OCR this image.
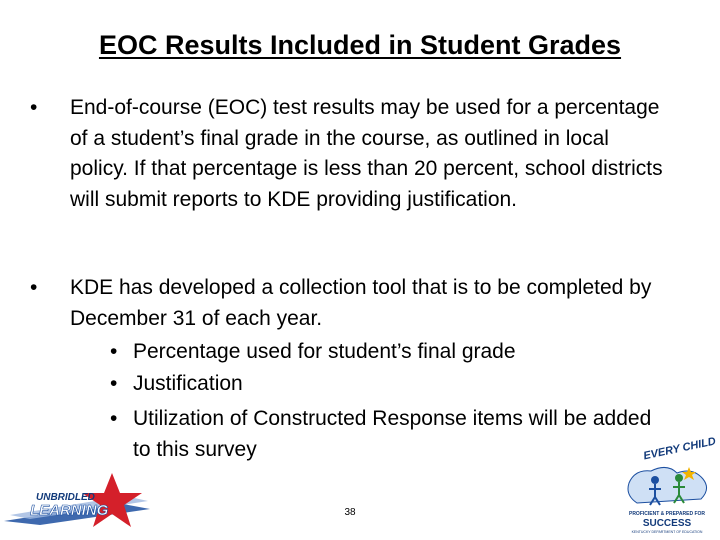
EOC Results Included in Student Grades
• End-of-course (EOC) test results may be used for a percentage of a student’s final grade in the course, as outlined in local policy. If that percentage is less than 20 percent, school districts will submit reports to KDE providing justification.
• KDE has developed a collection tool that is to be completed by December 31 of each year.
• Percentage used for student’s final grade
• Justification
• Utilization of Constructed Response items will be added to this survey
38
UNBRIDLED
LEARNING
EVERY CHILD
PROFICIENT & PREPARED FOR
SUCCESS
KENTUCKY DEPARTMENT OF EDUCATION
